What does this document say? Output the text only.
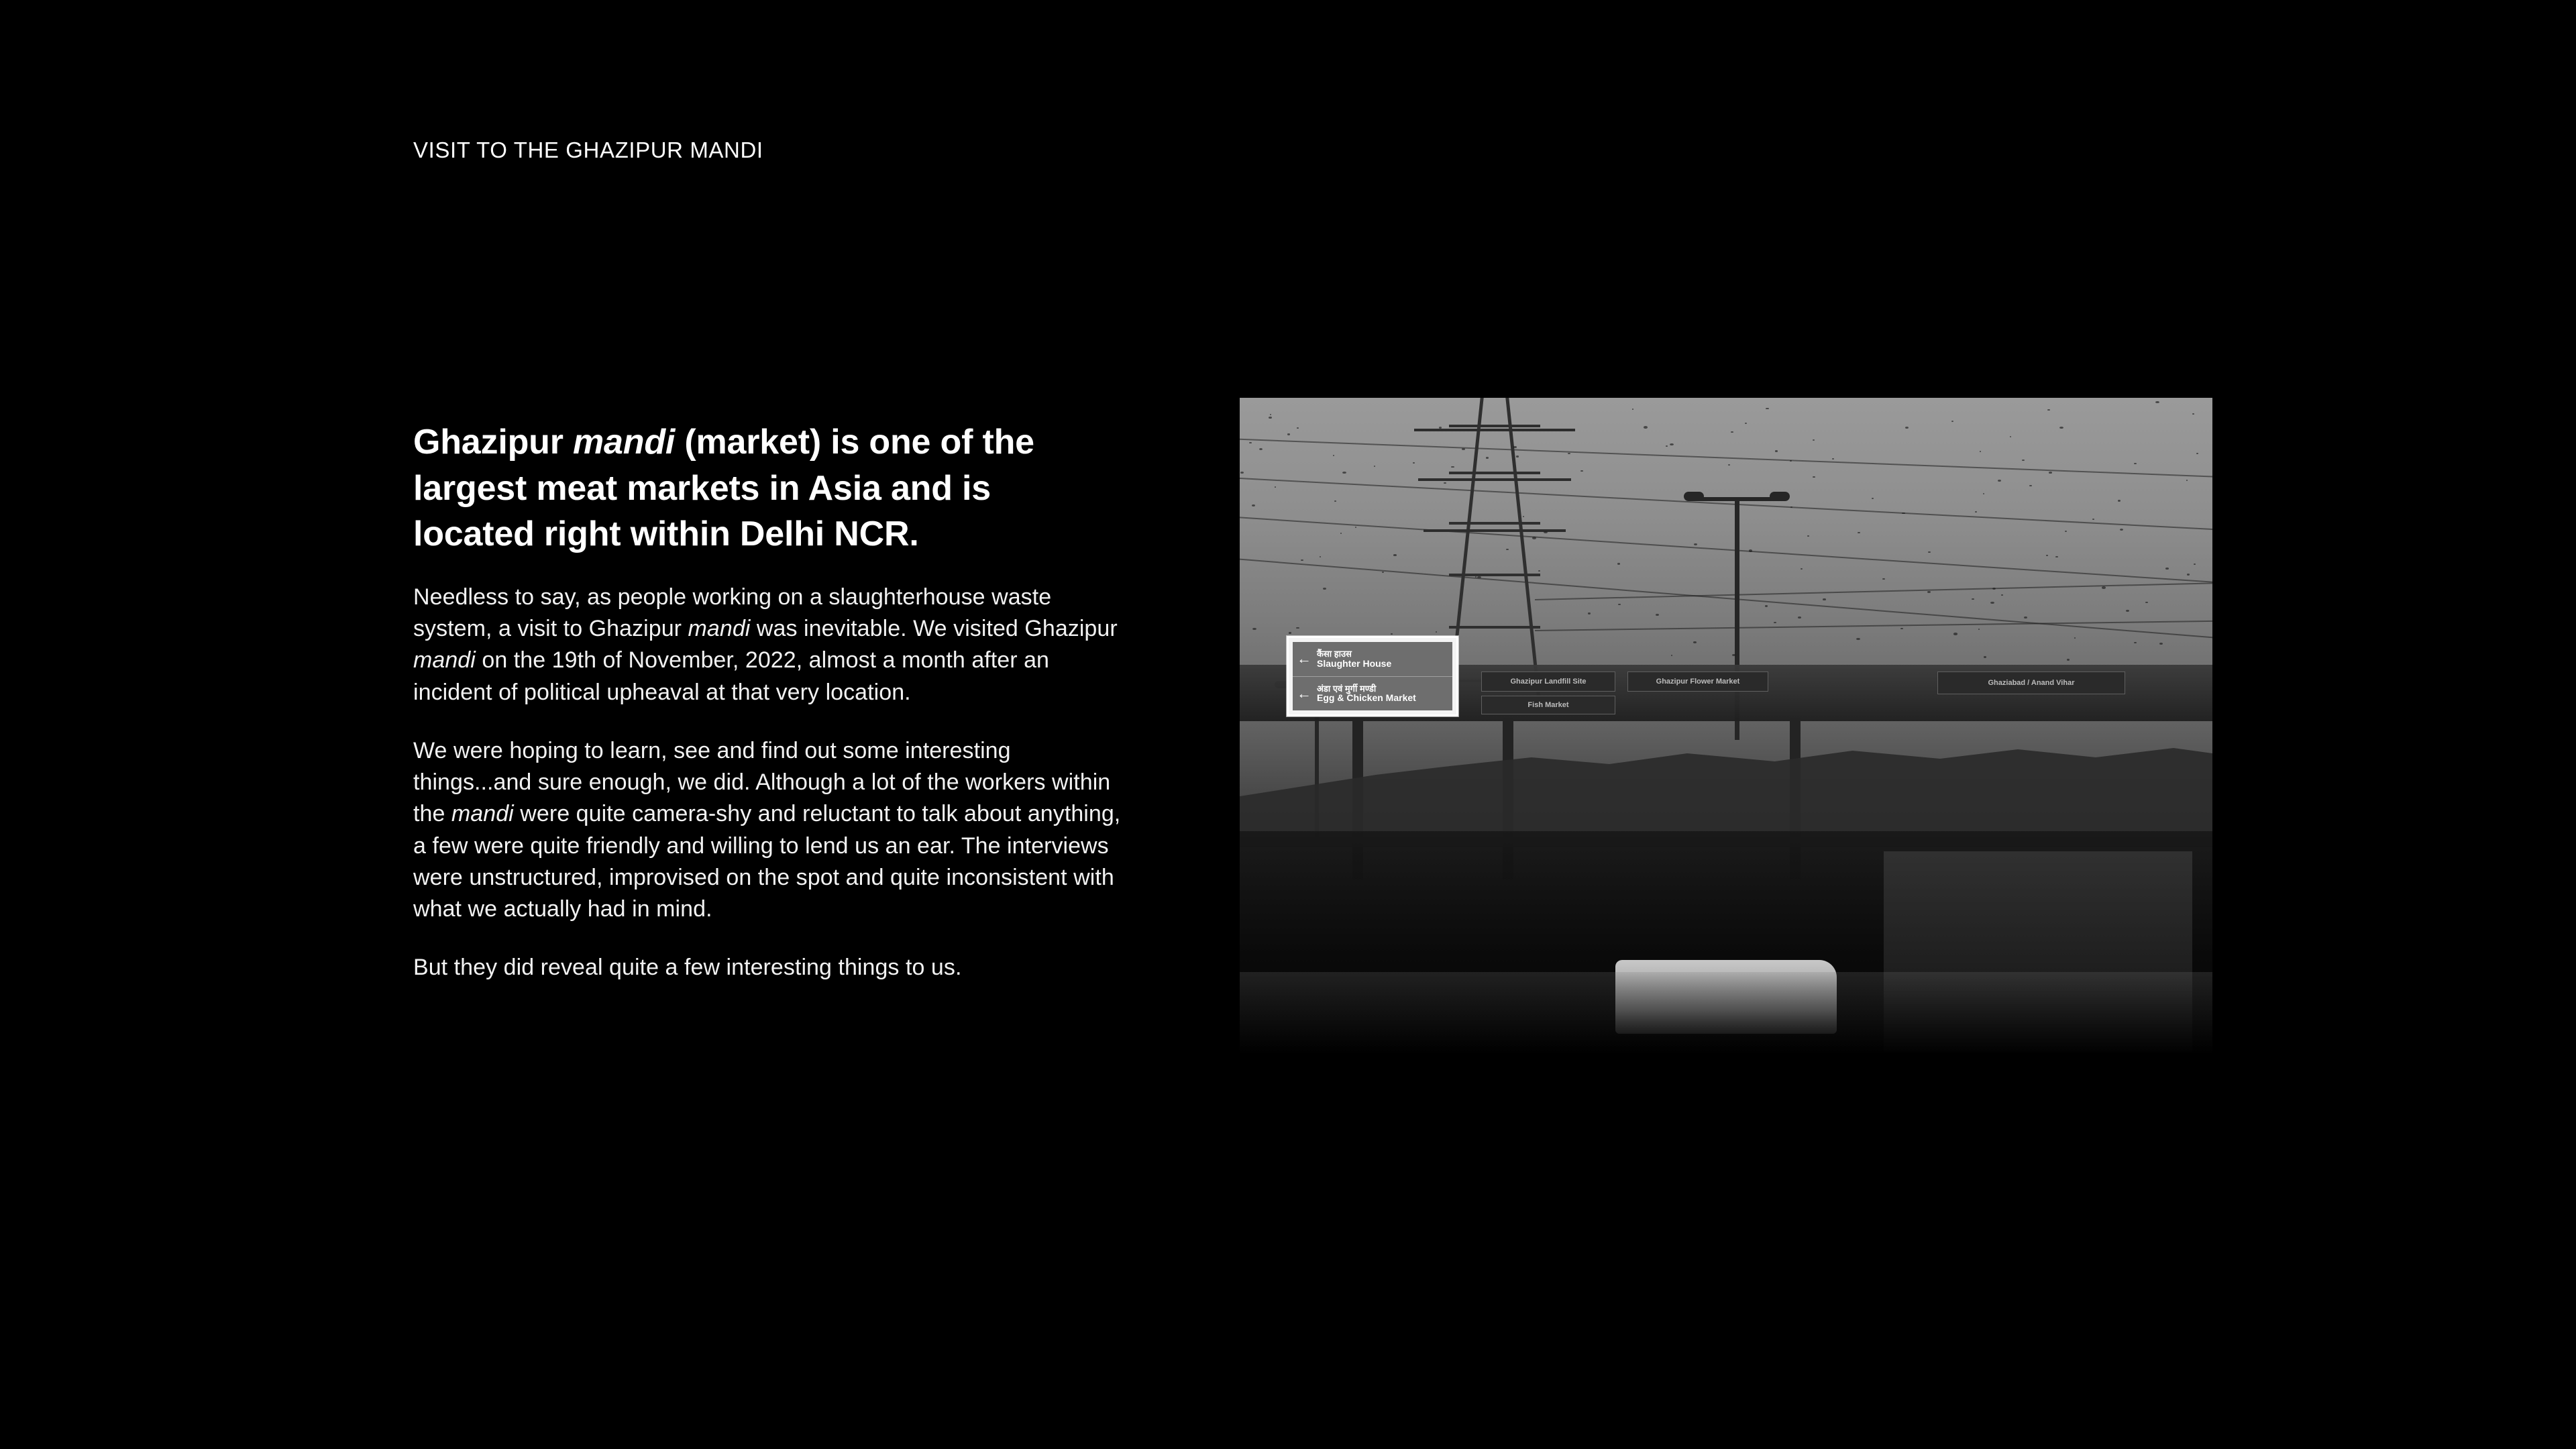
VISIT TO THE GHAZIPUR MANDI
Ghazipur mandi (market) is one of the largest meat markets in Asia and is located right within Delhi NCR.

Needless to say, as people working on a slaughterhouse waste system, a visit to Ghazipur mandi was inevitable. We visited Ghazipur mandi on the 19th of November, 2022, almost a month after an incident of political upheaval at that very location.

We were hoping to learn, see and find out some interesting things...and sure enough, we did. Although a lot of the workers within the mandi were quite camera-shy and reluctant to talk about anything, a few were quite friendly and willing to lend us an ear. The interviews were unstructured, improvised on the spot and quite inconsistent with what we actually had in mind.

But they did reveal quite a few interesting things to us.

Ghazipur Landfill Site
Fish Market
Ghazipur Flower Market	Ghaziabad / Anand Vihar
← कैंसा हाउस
Slaughter House
← अंडा एवं मुर्गी मण्डी
Egg & Chicken Market
